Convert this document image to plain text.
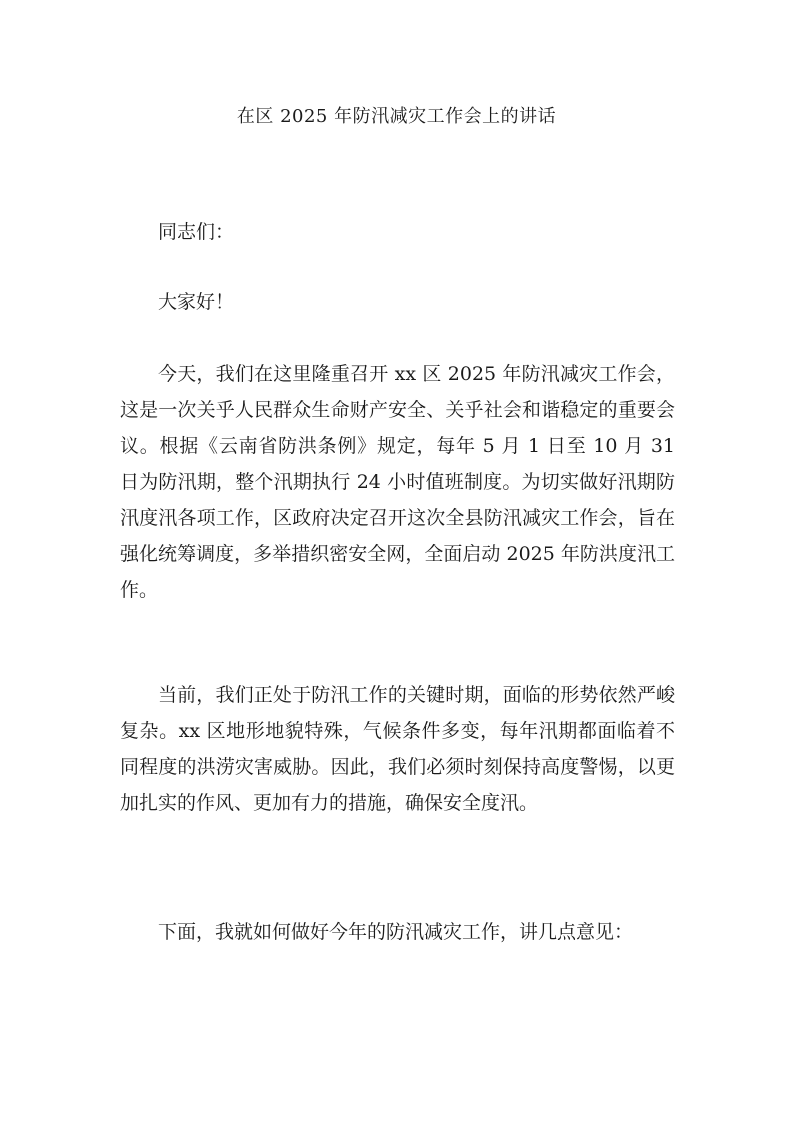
在区 2025 年防汛减灾工作会上的讲话

同志们：

大家好！

今天，我们在这里隆重召开 xx 区 2025 年防汛减灾工作会，这是一次关乎人民群众生命财产安全、关乎社会和谐稳定的重要会议。根据《云南省防洪条例》规定，每年 5 月 1 日至 10 月 31 日为防汛期，整个汛期执行 24 小时值班制度。为切实做好汛期防汛度汛各项工作，区政府决定召开这次全县防汛减灾工作会，旨在强化统筹调度，多举措织密安全网，全面启动 2025 年防洪度汛工作。

当前，我们正处于防汛工作的关键时期，面临的形势依然严峻复杂。xx 区地形地貌特殊，气候条件多变，每年汛期都面临着不同程度的洪涝灾害威胁。因此，我们必须时刻保持高度警惕，以更加扎实的作风、更加有力的措施，确保安全度汛。

下面，我就如何做好今年的防汛减灾工作，讲几点意见：
